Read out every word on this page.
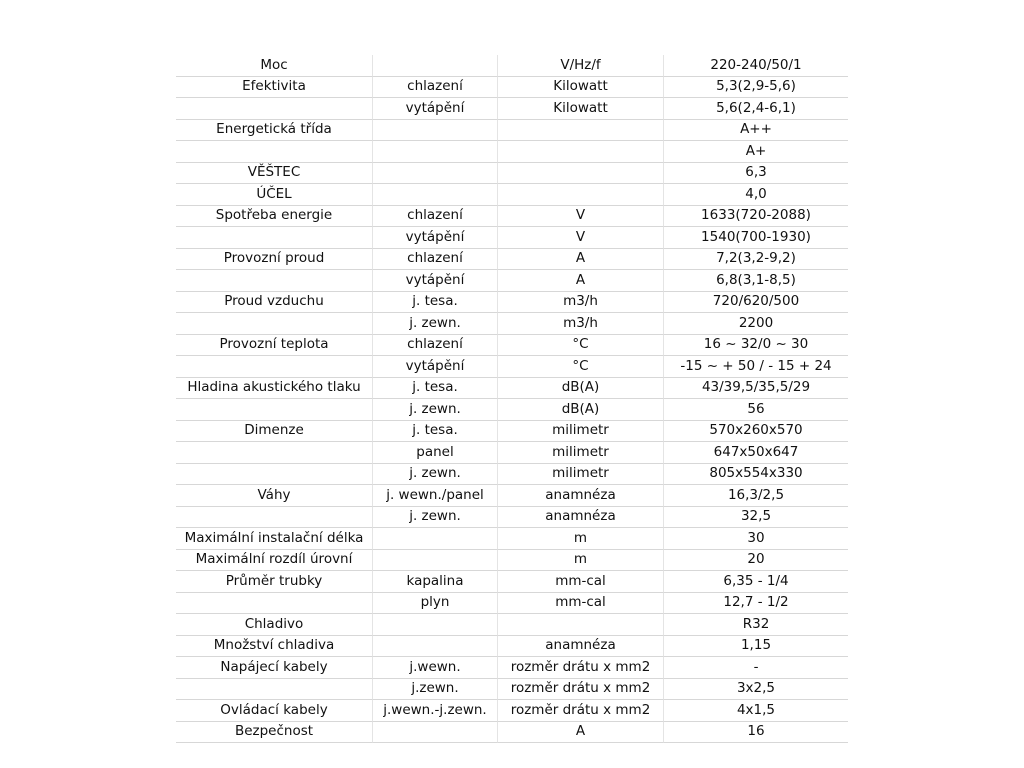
Moc		V/Hz/f	220-240/50/1
Efektivita	chlazení	Kilowatt	5,3(2,9-5,6)
	vytápění	Kilowatt	5,6(2,4-6,1)
Energetická třída			A++
			A+
VĚŠTEC			6,3
ÚČEL			4,0
Spotřeba energie	chlazení	V	1633(720-2088)
	vytápění	V	1540(700-1930)
Provozní proud	chlazení	A	7,2(3,2-9,2)
	vytápění	A	6,8(3,1-8,5)
Proud vzduchu	j. tesa.	m3/h	720/620/500
	j. zewn.	m3/h	2200
Provozní teplota	chlazení	°C	16 ~ 32/0 ~ 30
	vytápění	°C	-15 ~ + 50 / - 15 + 24
Hladina akustického tlaku	j. tesa.	dB(A)	43/39,5/35,5/29
	j. zewn.	dB(A)	56
Dimenze	j. tesa.	milimetr	570x260x570
	panel	milimetr	647x50x647
	j. zewn.	milimetr	805x554x330
Váhy	j. wewn./panel	anamnéza	16,3/2,5
	j. zewn.	anamnéza	32,5
Maximální instalační délka		m	30
Maximální rozdíl úrovní		m	20
Průměr trubky	kapalina	mm-cal	6,35 - 1/4
	plyn	mm-cal	12,7 - 1/2
Chladivo			R32
Množství chladiva		anamnéza	1,15
Napájecí kabely	j.wewn.	rozměr drátu x mm2	-
	j.zewn.	rozměr drátu x mm2	3x2,5
Ovládací kabely	j.wewn.-j.zewn.	rozměr drátu x mm2	4x1,5
Bezpečnost		A	16
